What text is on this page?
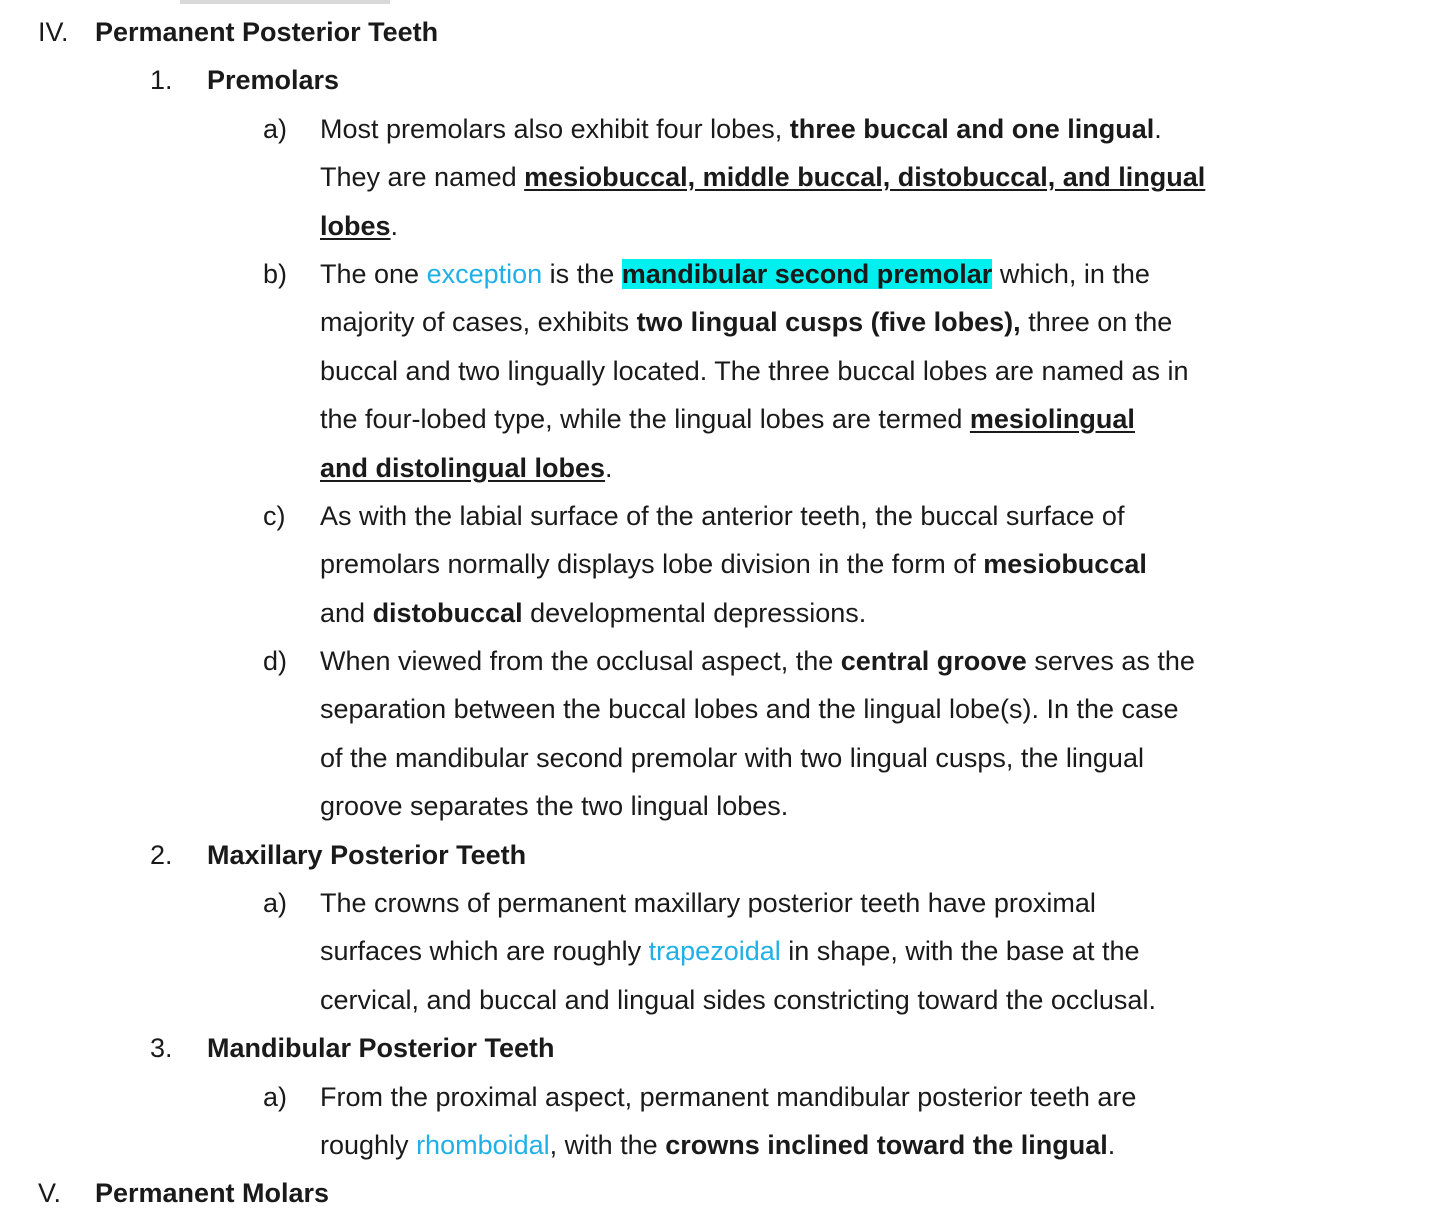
IV. Permanent Posterior Teeth
1. Premolars
a) Most premolars also exhibit four lobes, three buccal and one lingual.
They are named mesiobuccal, middle buccal, distobuccal, and lingual
lobes.
b) The one exception is the mandibular second premolar which, in the
majority of cases, exhibits two lingual cusps (five lobes), three on the
buccal and two lingually located. The three buccal lobes are named as in
the four-lobed type, while the lingual lobes are termed mesiolingual
and distolingual lobes.
c) As with the labial surface of the anterior teeth, the buccal surface of
premolars normally displays lobe division in the form of mesiobuccal
and distobuccal developmental depressions.
d) When viewed from the occlusal aspect, the central groove serves as the
separation between the buccal lobes and the lingual lobe(s). In the case
of the mandibular second premolar with two lingual cusps, the lingual
groove separates the two lingual lobes.
2. Maxillary Posterior Teeth
a) The crowns of permanent maxillary posterior teeth have proximal
surfaces which are roughly trapezoidal in shape, with the base at the
cervical, and buccal and lingual sides constricting toward the occlusal.
3. Mandibular Posterior Teeth
a) From the proximal aspect, permanent mandibular posterior teeth are
roughly rhomboidal, with the crowns inclined toward the lingual.
V. Permanent Molars
